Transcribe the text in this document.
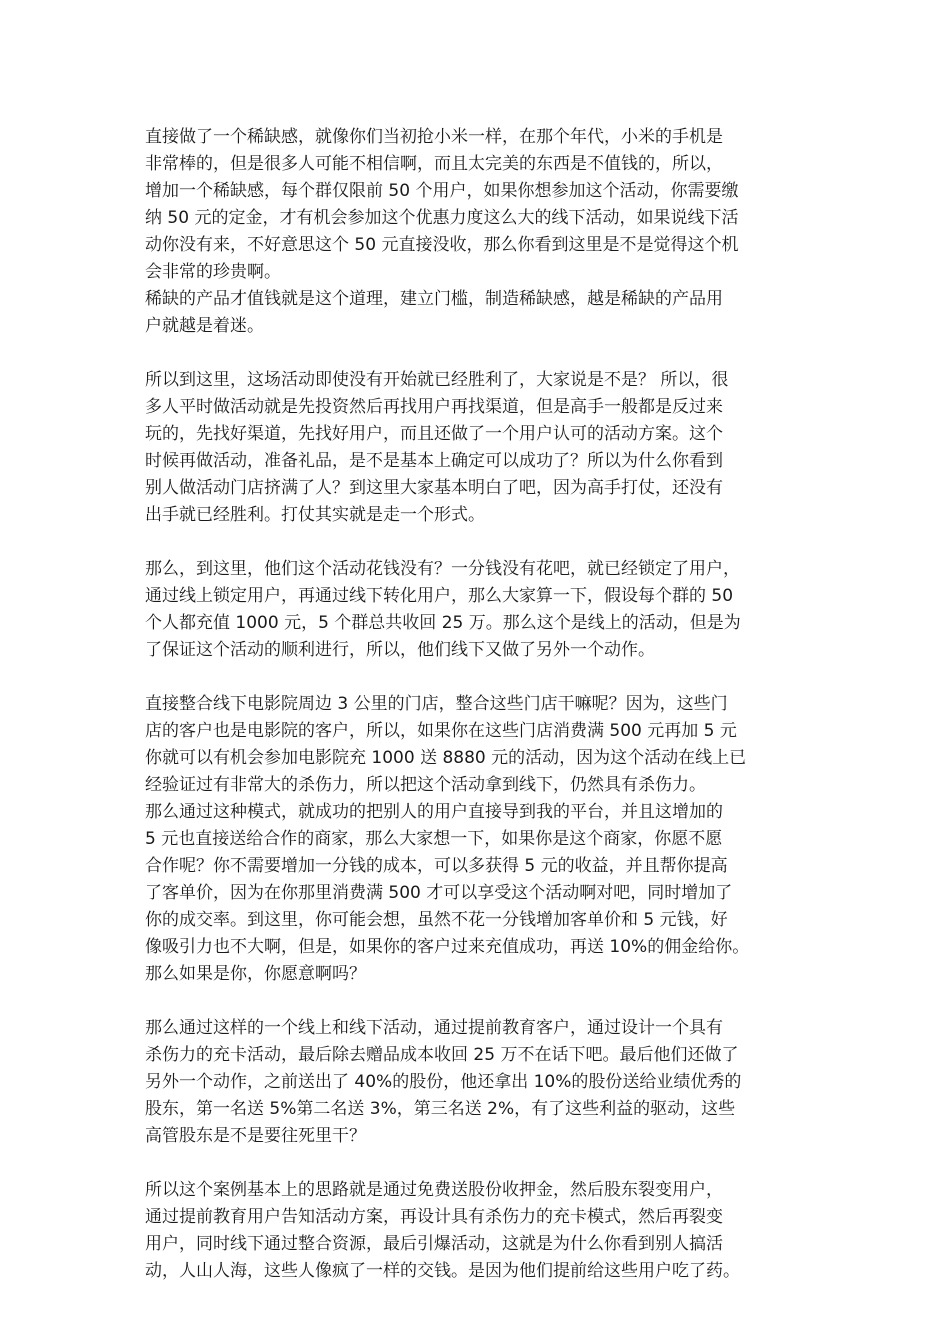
直接做了一个稀缺感，就像你们当初抢小米一样，在那个年代，小米的手机是
非常棒的，但是很多人可能不相信啊，而且太完美的东西是不值钱的，所以，
增加一个稀缺感，每个群仅限前 50 个用户，如果你想参加这个活动，你需要缴
纳 50 元的定金，才有机会参加这个优惠力度这么大的线下活动，如果说线下活
动你没有来，不好意思这个 50 元直接没收，那么你看到这里是不是觉得这个机
会非常的珍贵啊。
稀缺的产品才值钱就是这个道理，建立门槛，制造稀缺感，越是稀缺的产品用
户就越是着迷。
所以到这里，这场活动即使没有开始就已经胜利了，大家说是不是？ 所以，很
多人平时做活动就是先投资然后再找用户再找渠道，但是高手一般都是反过来
玩的，先找好渠道，先找好用户，而且还做了一个用户认可的活动方案。这个
时候再做活动，准备礼品，是不是基本上确定可以成功了？所以为什么你看到
别人做活动门店挤满了人？到这里大家基本明白了吧，因为高手打仗，还没有
出手就已经胜利。打仗其实就是走一个形式。
那么，到这里，他们这个活动花钱没有？一分钱没有花吧，就已经锁定了用户，
通过线上锁定用户，再通过线下转化用户，那么大家算一下，假设每个群的 50
个人都充值 1000 元，5 个群总共收回 25 万。那么这个是线上的活动，但是为
了保证这个活动的顺利进行，所以，他们线下又做了另外一个动作。
直接整合线下电影院周边 3 公里的门店，整合这些门店干嘛呢？因为，这些门
店的客户也是电影院的客户，所以，如果你在这些门店消费满 500 元再加 5 元
你就可以有机会参加电影院充 1000 送 8880 元的活动，因为这个活动在线上已
经验证过有非常大的杀伤力，所以把这个活动拿到线下，仍然具有杀伤力。
那么通过这种模式，就成功的把别人的用户直接导到我的平台，并且这增加的
5 元也直接送给合作的商家，那么大家想一下，如果你是这个商家，你愿不愿
合作呢？你不需要增加一分钱的成本，可以多获得 5 元的收益，并且帮你提高
了客单价，因为在你那里消费满 500 才可以享受这个活动啊对吧，同时增加了
你的成交率。到这里，你可能会想，虽然不花一分钱增加客单价和 5 元钱，好
像吸引力也不大啊，但是，如果你的客户过来充值成功，再送 10%的佣金给你。
那么如果是你，你愿意啊吗？
那么通过这样的一个线上和线下活动，通过提前教育客户，通过设计一个具有
杀伤力的充卡活动，最后除去赠品成本收回 25 万不在话下吧。最后他们还做了
另外一个动作，之前送出了 40%的股份，他还拿出 10%的股份送给业绩优秀的
股东，第一名送 5%第二名送 3%，第三名送 2%，有了这些利益的驱动，这些
高管股东是不是要往死里干？
所以这个案例基本上的思路就是通过免费送股份收押金，然后股东裂变用户，
通过提前教育用户告知活动方案，再设计具有杀伤力的充卡模式，然后再裂变
用户，同时线下通过整合资源，最后引爆活动，这就是为什么你看到别人搞活
动，人山人海，这些人像疯了一样的交钱。是因为他们提前给这些用户吃了药。
